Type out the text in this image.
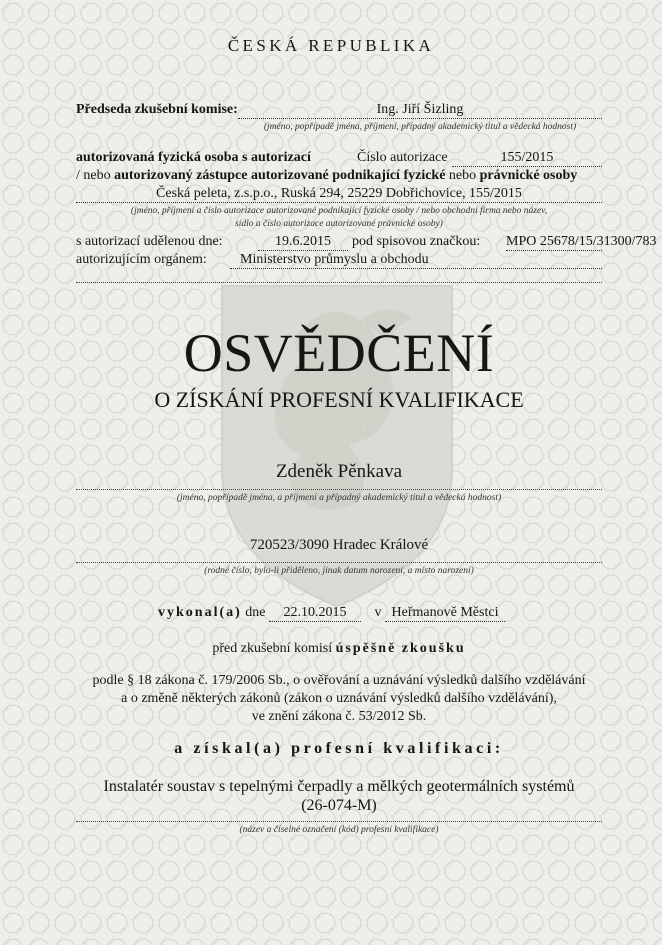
ČESKÁ REPUBLIKA
Předseda zkušební komise:	Ing. Jiří Šizling
(jméno, popřípadě jména, příjmení, případný akademický titul a vědecká hodnost)
autorizovaná fyzická osoba s autorizací	Číslo autorizace	155/2015
/ nebo autorizovaný zástupce autorizované podnikající fyzické nebo právnické osoby
Česká peleta, z.s.p.o., Ruská 294, 25229 Dobřichovice, 155/2015
(jméno, příjmení a číslo autorizace autorizované podnikající fyzické osoby / nebo obchodní firma nebo název,
sídlo a číslo autorizace autorizované právnické osoby)
s autorizací udělenou dne:	19.6.2015	pod spisovou značkou: MPO 25678/15/31300/783
autorizujícím orgánem:	Ministerstvo průmyslu a obchodu
OSVĚDČENÍ
O ZÍSKÁNÍ PROFESNÍ KVALIFIKACE
Zdeněk Pěnkava
(jméno, popřípadě jména, a příjmení a případný akademický titul a vědecká hodnost)
720523/3090 Hradec Králové
(rodné číslo, bylo-li přiděleno, jinak datum narození, a místo narození)
vykonal(a) dne 22.10.2015 v Heřmanově Městci
před zkušební komisí úspěšně zkoušku
podle § 18 zákona č. 179/2006 Sb., o ověřování a uznávání výsledků dalšího vzdělávání
a o změně některých zákonů (zákon o uznávání výsledků dalšího vzdělávání),
ve znění zákona č. 53/2012 Sb.
a získal(a) profesní kvalifikaci:
Instalatér soustav s tepelnými čerpadly a mělkých geotermálních systémů
(26-074-M)
(název a číselné označení (kód) profesní kvalifikace)
